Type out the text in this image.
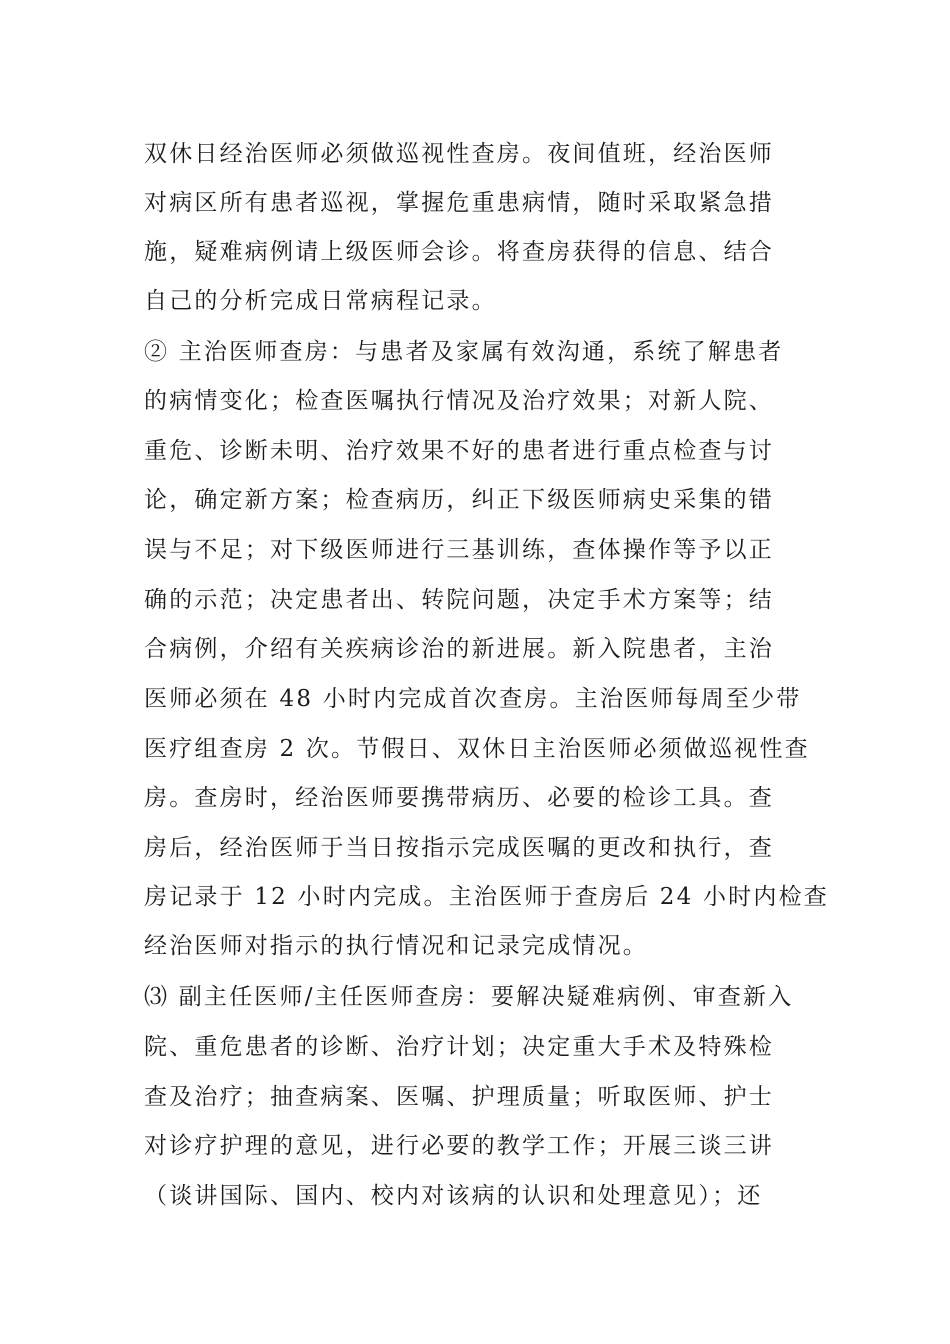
双休日经治医师必须做巡视性查房。夜间值班，经治医师
对病区所有患者巡视，掌握危重患病情，随时采取紧急措
施，疑难病例请上级医师会诊。将查房获得的信息、结合
自己的分析完成日常病程记录。
② 主治医师查房：与患者及家属有效沟通，系统了解患者
的病情变化；检查医嘱执行情况及治疗效果；对新人院、
重危、诊断未明、治疗效果不好的患者进行重点检查与讨
论，确定新方案；检查病历，纠正下级医师病史采集的错
误与不足；对下级医师进行三基训练，查体操作等予以正
确的示范；决定患者出、转院问题，决定手术方案等；结
合病例，介绍有关疾病诊治的新进展。新入院患者，主治
医师必须在 48 小时内完成首次查房。主治医师每周至少带
医疗组查房 2 次。节假日、双休日主治医师必须做巡视性查
房。查房时，经治医师要携带病历、必要的检诊工具。查
房后，经治医师于当日按指示完成医嘱的更改和执行，查
房记录于 12 小时内完成。主治医师于查房后 24 小时内检查
经治医师对指示的执行情况和记录完成情况。
⑶ 副主任医师/主任医师查房：要解决疑难病例、审查新入
院、重危患者的诊断、治疗计划；决定重大手术及特殊检
查及治疗；抽查病案、医嘱、护理质量；听取医师、护士
对诊疗护理的意见，进行必要的教学工作；开展三谈三讲
（谈讲国际、国内、校内对该病的认识和处理意见）；还
